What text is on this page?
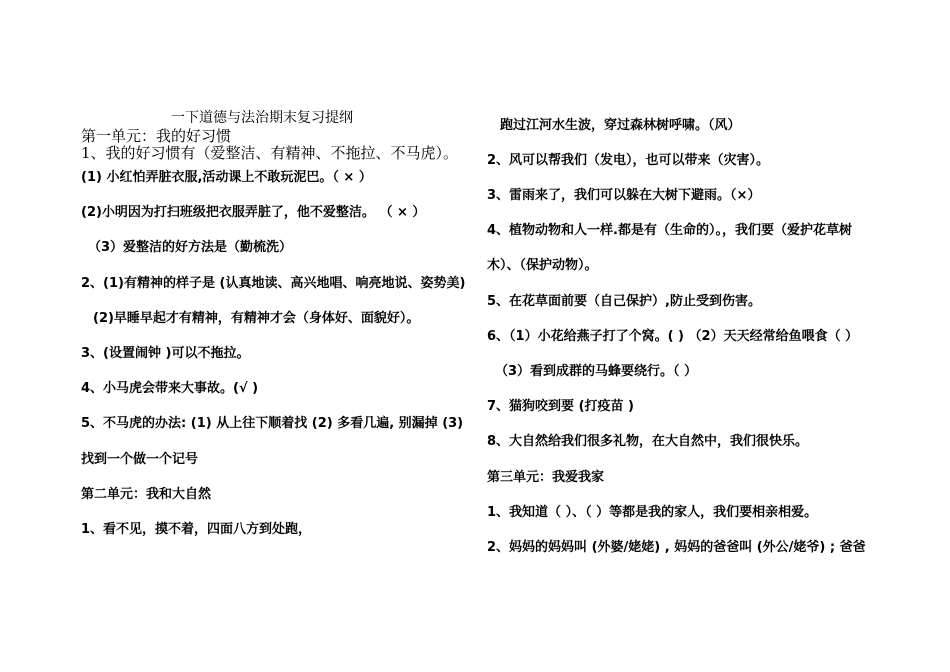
一下道德与法治期末复习提纲
第一单元：我的好习惯
1、我的好习惯有（爱整洁、有精神、不拖拉、不马虎）。
(1) 小红怕弄脏衣服,活动课上不敢玩泥巴。（ × ）
(2)小明因为打扫班级把衣服弄脏了，他不爱整洁。 （ × ）
（3）爱整洁的好方法是（勤梳洗）
2、(1)有精神的样子是 (认真地读、高兴地唱、响亮地说、姿势美)
(2)早睡早起才有精神，有精神才会（身体好、面貌好）。
3、(设置闹钟 )可以不拖拉。
4、小马虎会带来大事故。(√ )
5、不马虎的办法: (1) 从上往下顺着找 (2) 多看几遍, 别漏掉 (3)
找到一个做一个记号
第二单元：我和大自然
1、看不见，摸不着，四面八方到处跑，
跑过江河水生波，穿过森林树呼啸。（风）
2、风可以帮我们（发电），也可以带来（灾害）。
3、雷雨来了，我们可以躲在大树下避雨。（×）
4、植物动物和人一样.都是有（生命的）。，我们要（爱护花草树
木）、（保护动物）。
5、在花草面前要（自己保护）,防止受到伤害。
6、（1）小花给燕子打了个窝。( ) （2）天天经常给鱼喂食（ ）
（3）看到成群的马蜂要绕行。（ ）
7、猫狗咬到要 (打疫苗 )
8、大自然给我们很多礼物，在大自然中，我们很快乐。
第三单元：我爱我家
1、我知道（ ）、（ ）等都是我的家人，我们要相亲相爱。
2、妈妈的妈妈叫 (外婆/姥姥) , 妈妈的爸爸叫 (外公/姥爷) ; 爸爸
